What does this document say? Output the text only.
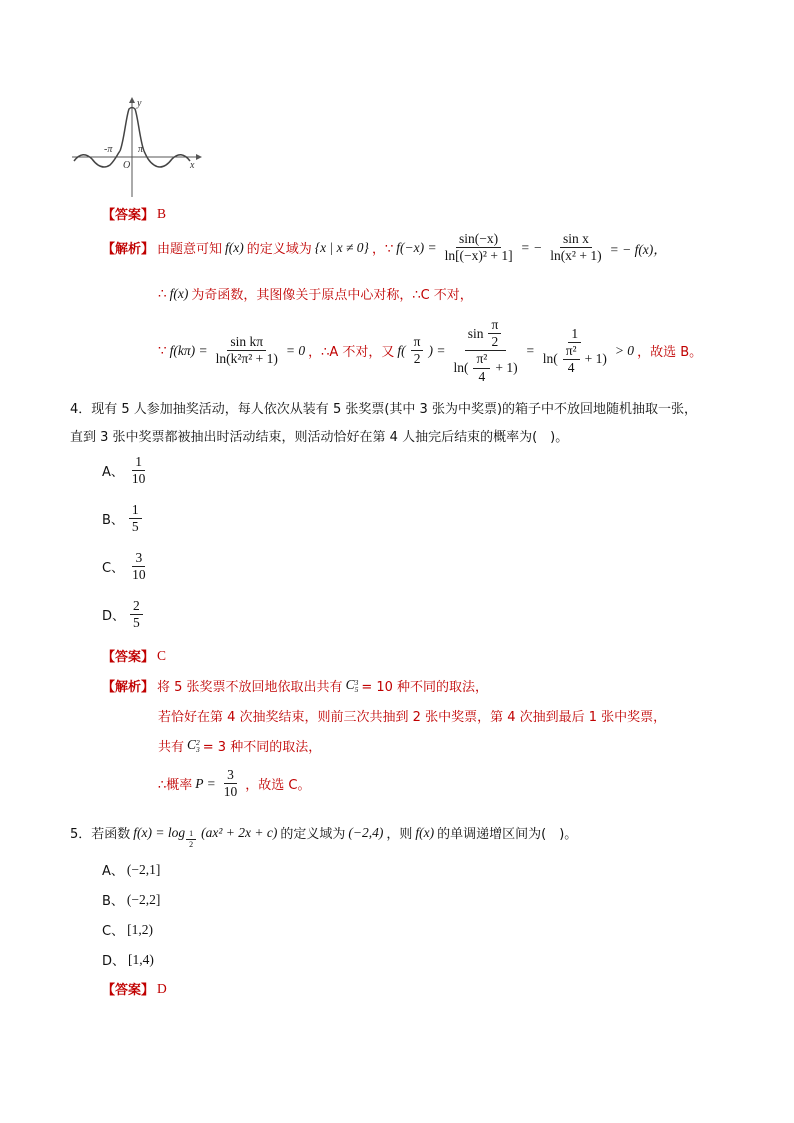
y
x
-π	π
O
【答案】 B
【解析】 由题意可知 f(x) 的定义域为 {x | x ≠ 0} ，∵ $f(-x) = \frac{\sin(-x)}{\text{ln[(−x)² + 1]}}$ = − $\frac{\text{sin x}}{\text{ln(x² + 1)}}$ = − f(x)，
∴ f(x) 为奇函数，其图像关于原点中心对称，∴C 不对，
∵ $f(k\pi) = \frac{\text{sin kπ}}{\text{ln(k²π² + 1)}} = 0$ ，∴A 不对，又 $f( \frac{\pi}{2}$ ) = $\frac{\sin \frac{\pi}{2}}{\ln( \frac{\text{π²}}{4} + 1)} = \frac{1}{\ln( \frac{\text{π²}}{4} + 1)} > 0$ ，故选 B。
4．现有 5 人参加抽奖活动，每人依次从装有 5 张奖票(其中 3 张为中奖票)的箱子中不放回地随机抽取一张，
直到 3 张中奖票都被抽出时活动结束，则活动恰好在第 4 人抽完后结束的概率为(　)。
A、 $\frac{1}{10}$
B、 $\frac{1}{5}$
C、 $\frac{3}{10}$
D、 $\frac{2}{5}$
【答案】 C
【解析】 将 5 张奖票不放回地依取出共有 C 3
5 = 10 种不同的取法，
若恰好在第 4 次抽奖结束，则前三次共抽到 2 张中奖票，第 4 次抽到最后 1 张中奖票，
共有 C 2
3 = 3 种不同的取法，
∴概率 $P = \frac{3}{10}$ ，故选 C。
5．若函数 $f(x) = \log \frac{1}{2} (ax^2 + 2x + c)$ 的定义域为 (−2,4) ，则 f(x) 的单调递增区间为(　)。
A、 (−2,1]
B、 (−2,2]
C、 [1,2)
D、 [1,4)
【答案】 D
